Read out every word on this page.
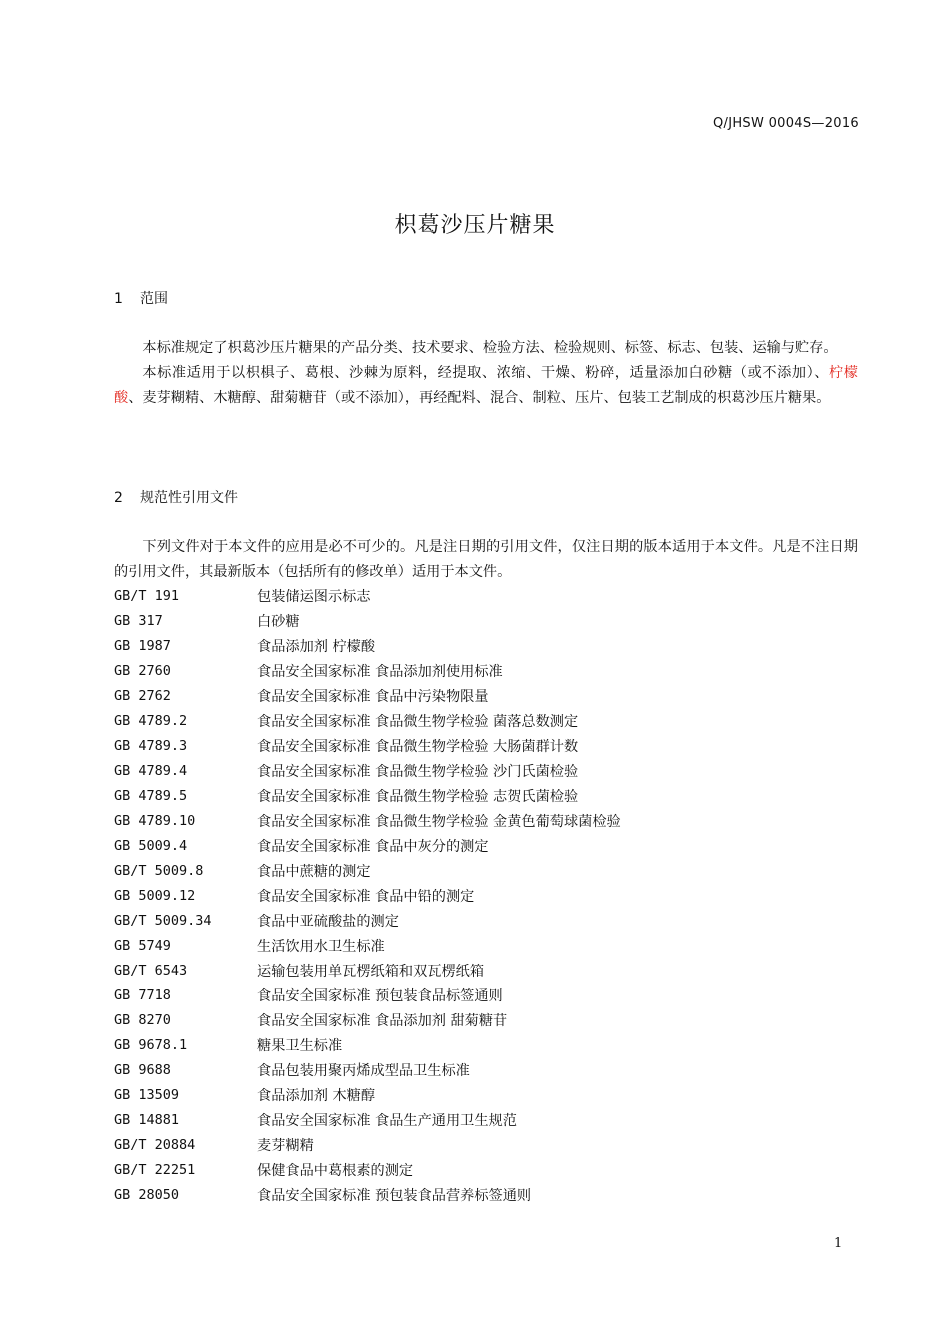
Q/JHSW 0004S—2016
枳葛沙压片糖果
1 范围

本标准规定了枳葛沙压片糖果的产品分类、技术要求、检验方法、检验规则、标签、标志、包装、运输与贮存。

本标准适用于以枳椇子、葛根、沙棘为原料，经提取、浓缩、干燥、粉碎，适量添加白砂糖（或不添加）、柠檬酸、麦芽糊精、木糖醇、甜菊糖苷（或不添加），再经配料、混合、制粒、压片、包装工艺制成的枳葛沙压片糖果。

2 规范性引用文件

下列文件对于本文件的应用是必不可少的。凡是注日期的引用文件，仅注日期的版本适用于本文件。凡是不注日期的引用文件，其最新版本（包括所有的修改单）适用于本文件。

GB/T 191	包装储运图示标志
GB 317	白砂糖
GB 1987	食品添加剂 柠檬酸
GB 2760	食品安全国家标准 食品添加剂使用标准
GB 2762	食品安全国家标准 食品中污染物限量
GB 4789.2	食品安全国家标准 食品微生物学检验 菌落总数测定
GB 4789.3	食品安全国家标准 食品微生物学检验 大肠菌群计数
GB 4789.4	食品安全国家标准 食品微生物学检验 沙门氏菌检验
GB 4789.5	食品安全国家标准 食品微生物学检验 志贺氏菌检验
GB 4789.10	食品安全国家标准 食品微生物学检验 金黄色葡萄球菌检验
GB 5009.4	食品安全国家标准 食品中灰分的测定
GB/T 5009.8	食品中蔗糖的测定
GB 5009.12	食品安全国家标准 食品中铅的测定
GB/T 5009.34	食品中亚硫酸盐的测定
GB 5749	生活饮用水卫生标准
GB/T 6543	运输包装用单瓦楞纸箱和双瓦楞纸箱
GB 7718	食品安全国家标准 预包装食品标签通则
GB 8270	食品安全国家标准 食品添加剂 甜菊糖苷
GB 9678.1	糖果卫生标准
GB 9688	食品包装用聚丙烯成型品卫生标准
GB 13509	食品添加剂 木糖醇
GB 14881	食品安全国家标准 食品生产通用卫生规范
GB/T 20884	麦芽糊精
GB/T 22251	保健食品中葛根素的测定
GB 28050	食品安全国家标准 预包装食品营养标签通则
1
